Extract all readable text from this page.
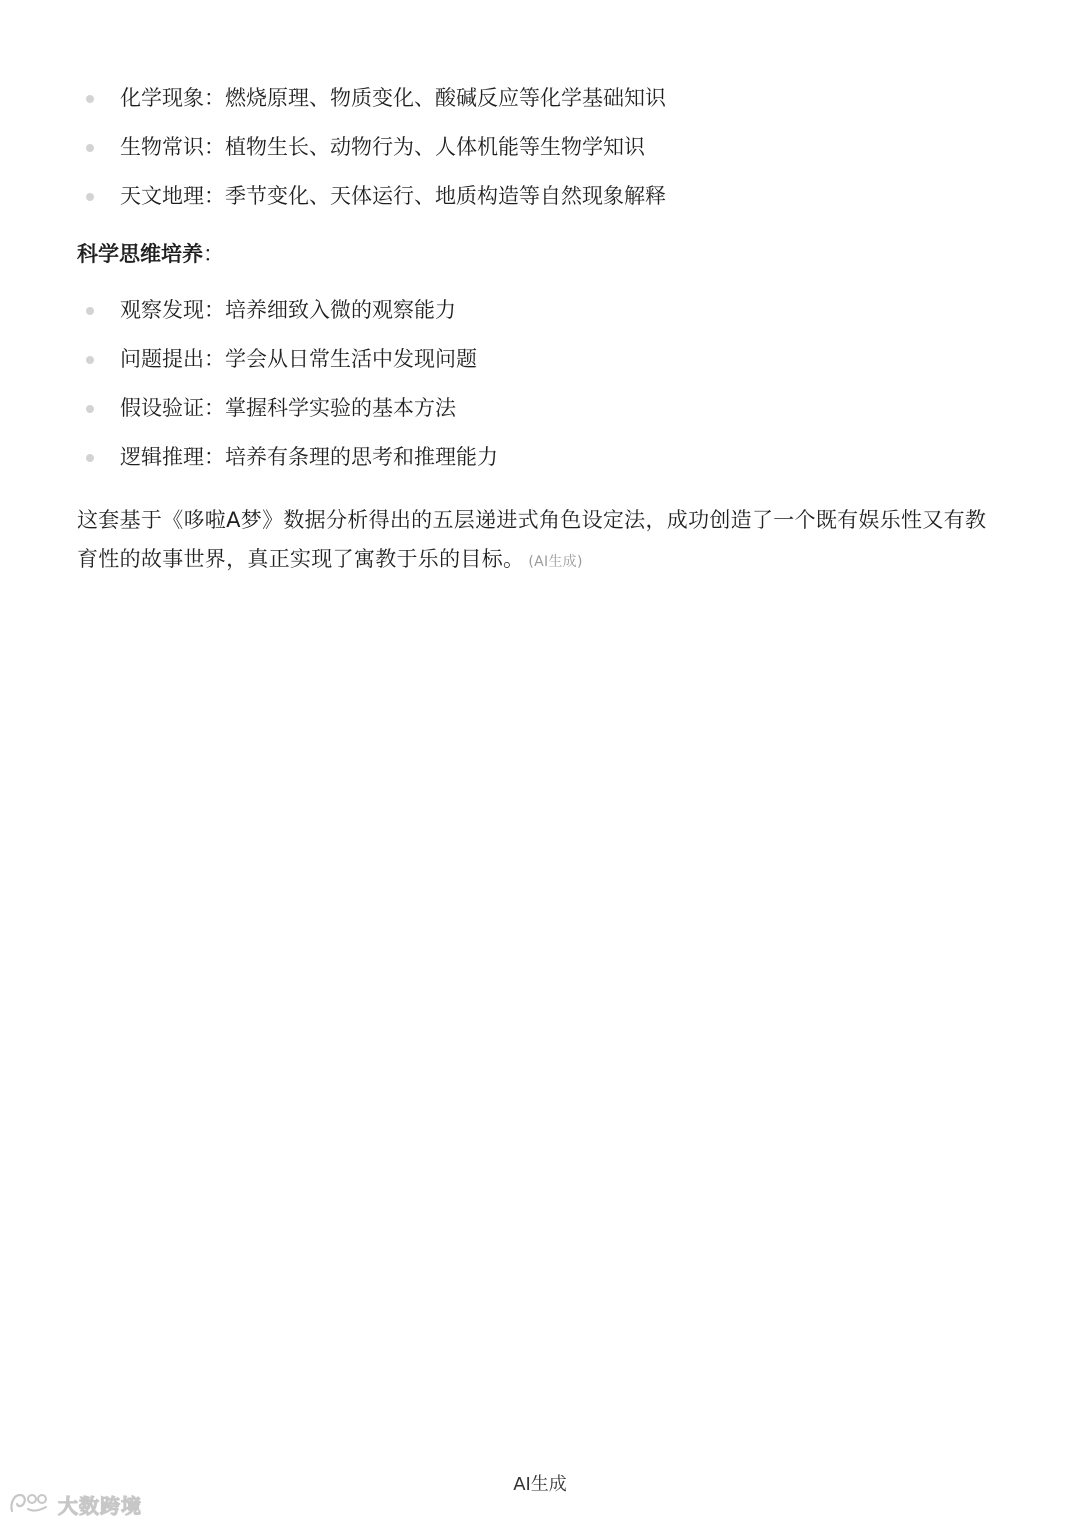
化学现象：燃烧原理、物质变化、酸碱反应等化学基础知识
生物常识：植物生长、动物行为、人体机能等生物学知识
天文地理：季节变化、天体运行、地质构造等自然现象解释
科学思维培养：
观察发现：培养细致入微的观察能力
问题提出：学会从日常生活中发现问题
假设验证：掌握科学实验的基本方法
逻辑推理：培养有条理的思考和推理能力

这套基于《哆啦A梦》数据分析得出的五层递进式角色设定法，成功创造了一个既有娱乐性又有教育性的故事世界，真正实现了寓教于乐的目标。 (AI生成)

AI生成
大数跨境
